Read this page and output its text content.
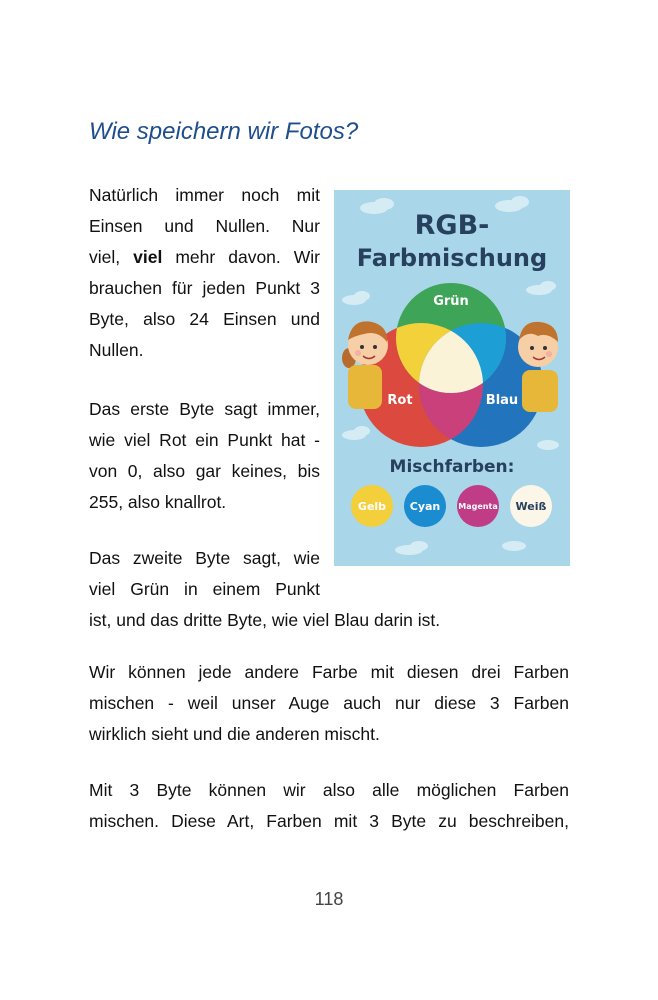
Wie speichern wir Fotos?

Natürlich immer noch mit
Einsen und Nullen. Nur
viel, viel mehr davon. Wir
brauchen für jeden Punkt 3
Byte, also 24 Einsen und
Nullen.

Das erste Byte sagt immer,
wie viel Rot ein Punkt hat -
von 0, also gar keines, bis
255, also knallrot.

Das zweite Byte sagt, wie
viel Grün in einem Punkt
ist, und das dritte Byte, wie viel Blau darin ist.

Wir können jede andere Farbe mit diesen drei Farben
mischen - weil unser Auge auch nur diese 3 Farben
wirklich sieht und die anderen mischt.

Mit 3 Byte können wir also alle möglichen Farben
mischen. Diese Art, Farben mit 3 Byte zu beschreiben,

RGB-
Farbmischung
Grün
Rot	Blau
Mischfarben:
Gelb Cyan Magenta Weiß
118
